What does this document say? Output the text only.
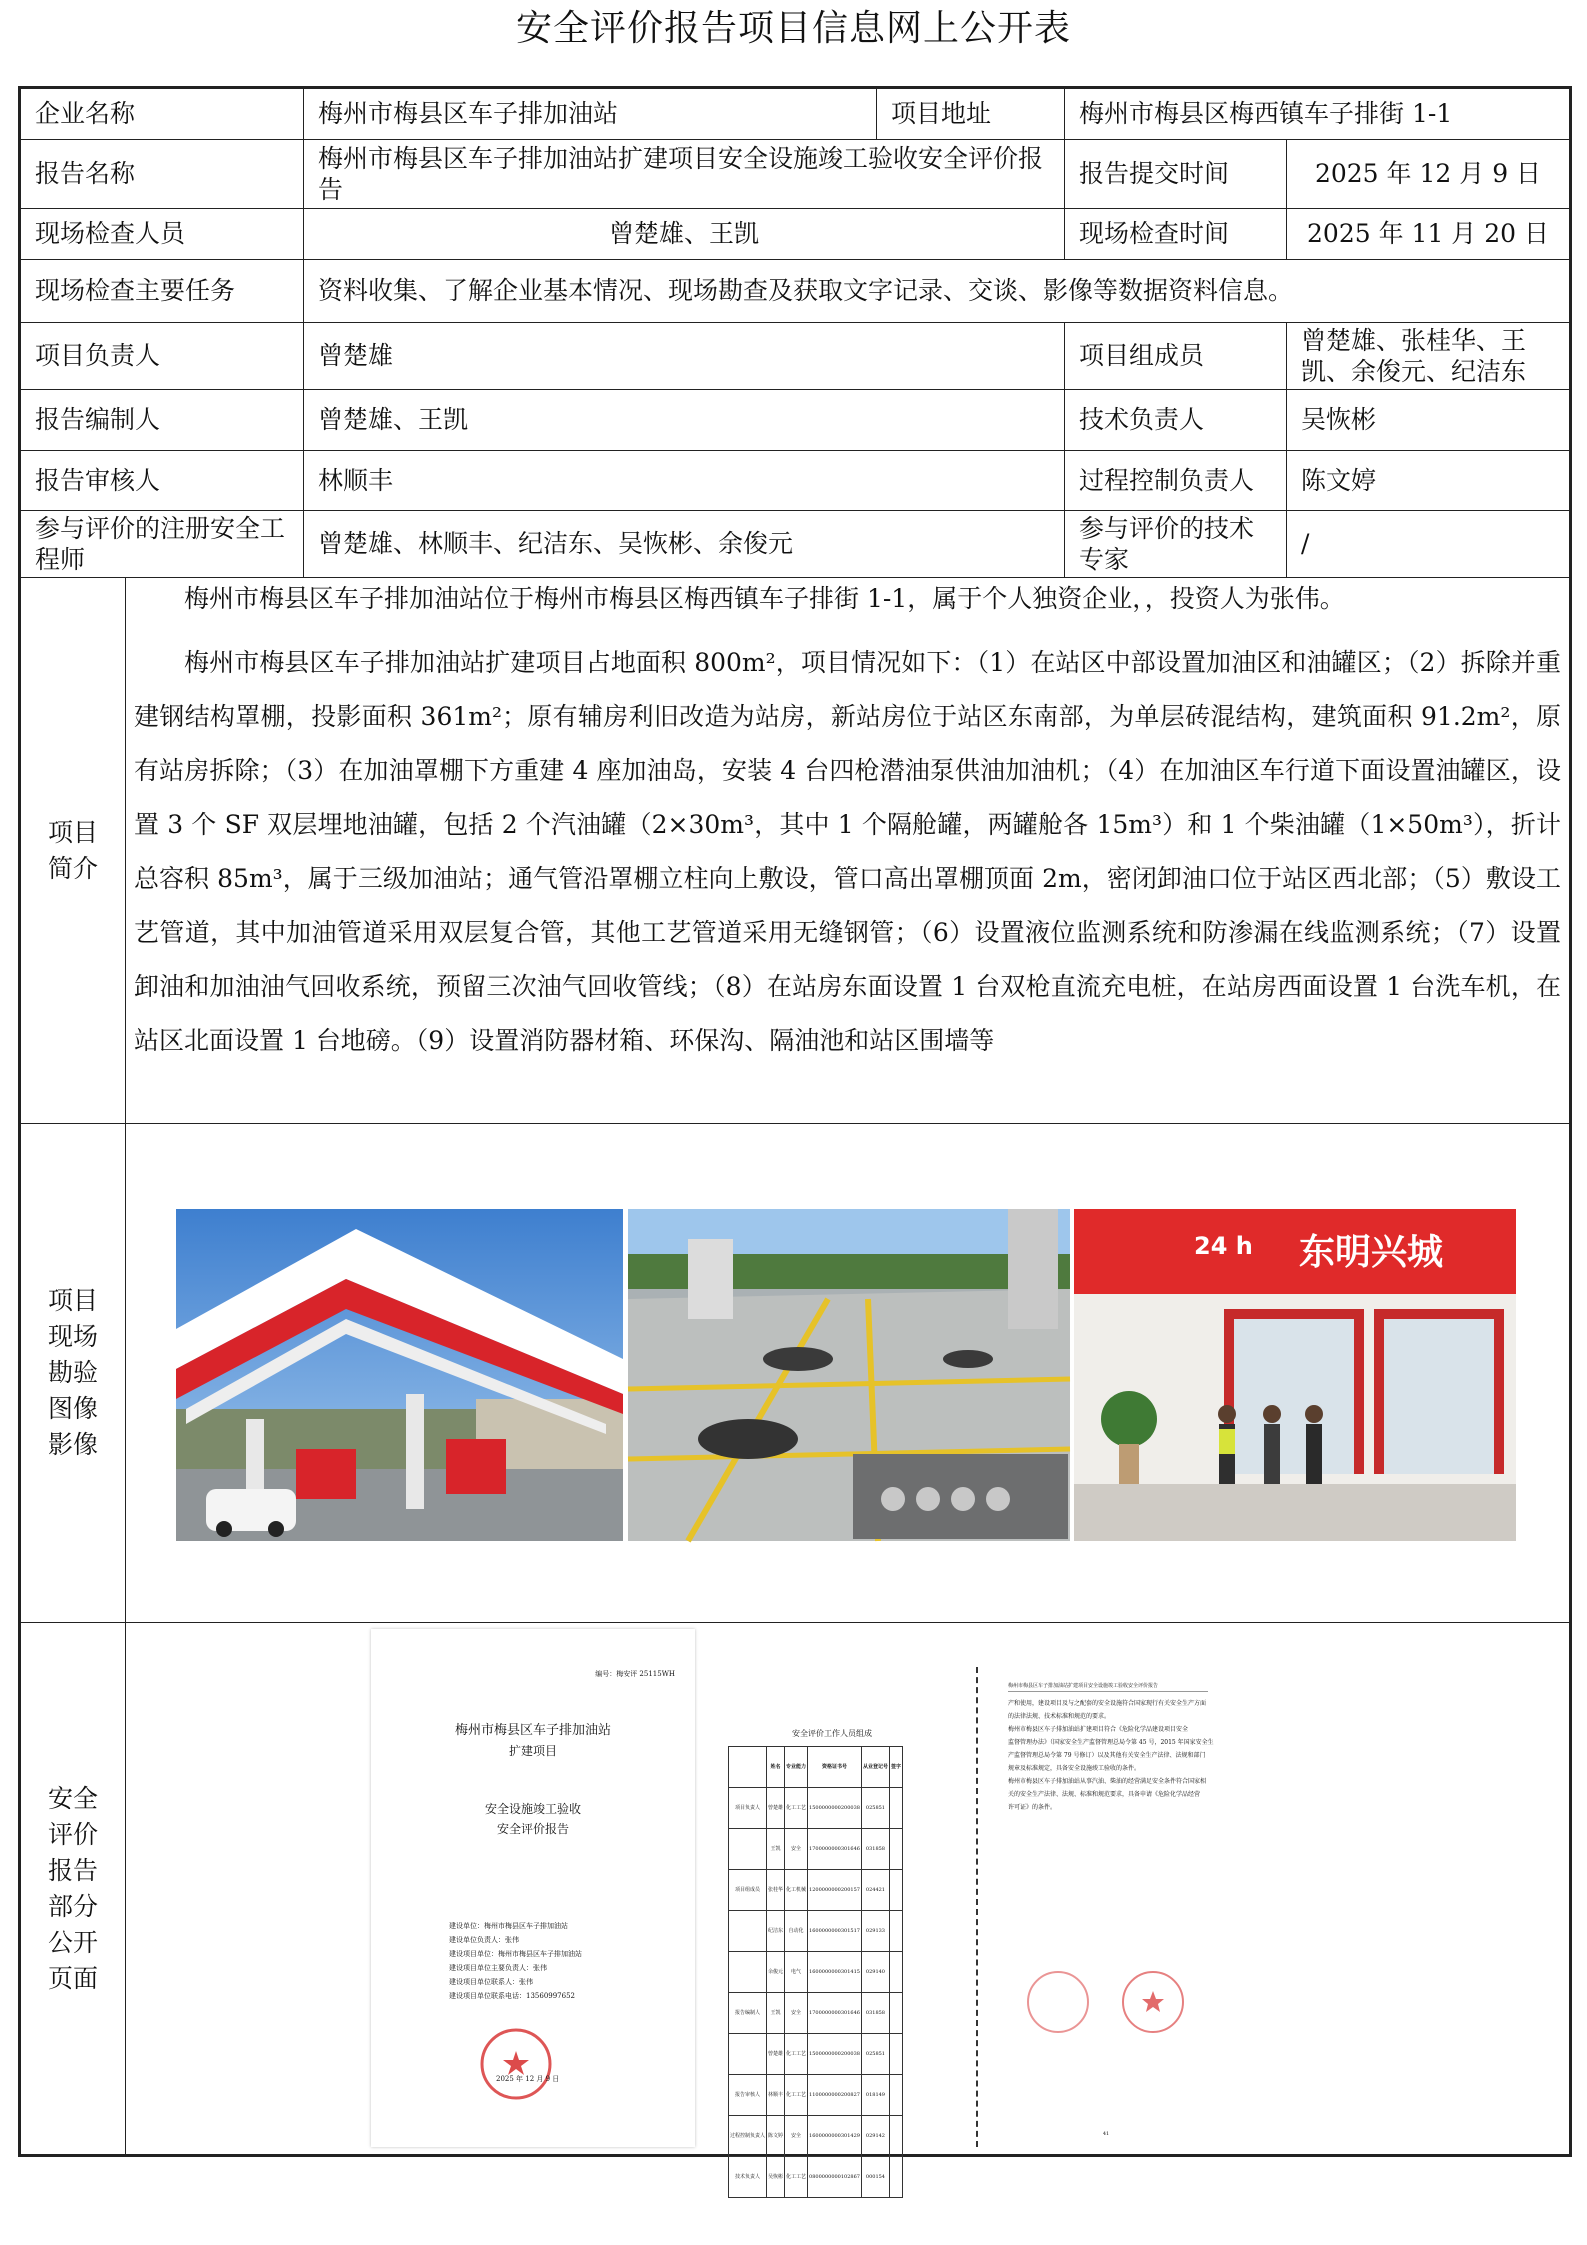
安全评价报告项目信息网上公开表
企业名称	梅州市梅县区车子排加油站	项目地址	梅州市梅县区梅西镇车子排街 1-1
报告名称	梅州市梅县区车子排加油站扩建项目安全设施竣工验收安全评价报告	报告提交时间	2025 年 12 月 9 日
现场检查人员	曾楚雄、王凯	现场检查时间	2025 年 11 月 20 日
现场检查主要任务	资料收集、了解企业基本情况、现场勘查及获取文字记录、交谈、影像等数据资料信息。
项目负责人	曾楚雄	项目组成员	曾楚雄、张桂华、王凯、余俊元、纪洁东
报告编制人	曾楚雄、王凯	技术负责人	吴恢彬
报告审核人	林顺丰	过程控制负责人	陈文婷
参与评价的注册安全工程师	曾楚雄、林顺丰、纪洁东、吴恢彬、余俊元	参与评价的技术专家	/
项目简介	

梅州市梅县区车子排加油站位于梅州市梅县区梅西镇车子排街 1-1，属于个人独资企业，，投资人为张伟。

梅州市梅县区车子排加油站扩建项目占地面积 800m²，项目情况如下：（1）在站区中部设置加油区和油罐区；（2）拆除并重建钢结构罩棚，投影面积 361m²；原有辅房利旧改造为站房，新站房位于站区东南部，为单层砖混结构，建筑面积 91.2m²，原有站房拆除；（3）在加油罩棚下方重建 4 座加油岛，安装 4 台四枪潜油泵供油加油机；（4）在加油区车行道下面设置油罐区，设置 3 个 SF 双层埋地油罐，包括 2 个汽油罐（2×30m³，其中 1 个隔舱罐，两罐舱各 15m³）和 1 个柴油罐（1×50m³），折计总容积 85m³，属于三级加油站；通气管沿罩棚立柱向上敷设，管口高出罩棚顶面 2m，密闭卸油口位于站区西北部；（5）敷设工艺管道，其中加油管道采用双层复合管，其他工艺管道采用无缝钢管；（6）设置液位监测系统和防渗漏在线监测系统；（7）设置卸油和加油油气回收系统，预留三次油气回收管线；（8）在站房东面设置 1 台双枪直流充电桩，在站房西面设置 1 台洗车机，在站区北面设置 1 台地磅。（9）设置消防器材箱、环保沟、隔油池和站区围墙等

项目现场勘验图像影像	
24 h 东明兴城

安全评价报告部分公开页面	
编号：梅安评 25115WH
梅州市梅县区车子排加油站
扩建项目
安全设施竣工验收
安全评价报告
建设单位：梅州市梅县区车子排加油站
建设单位负责人：张伟
建设项目单位：梅州市梅县区车子排加油站
建设项目单位主要负责人：张伟
建设项目单位联系人：张伟
建设项目单位联系电话：13560997652
2025 年 12 月 9 日
安全评价工作人员组成
	姓名	专业能力	资格证书号	从业登记号	签字
项目负责人	曾楚雄	化工工艺	1500000000200038	025851	
	王凯	安全	1700000000301646	031858	
项目组成员	张桂华	化工机械	1200000000200157	024421	
	纪洁东	自动化	1600000000301517	029133	
	余俊元	电气	1600000000301415	029140	
报告编制人	王凯	安全	1700000000301646	031858	
	曾楚雄	化工工艺	1500000000200038	025851	
报告审核人	林顺丰	化工工艺	1100000000200827	018149	
过程控制负责人	陈文婷	安全	1600000000301429	029142	
技术负责人	吴恢彬	化工工艺	0800000000102867	000154	
梅州市梅县区车子排加油站扩建项目安全设施竣工验收安全评价报告
产和使用，建设项目及与之配套的安全设施符合国家现行有关安全生产方面
的法律法规、技术标准和规范的要求。
梅州市梅县区车子排加油站扩建项目符合《危险化学品建设项目安全
监督管理办法》（国家安全生产监督管理总局令第 45 号，2015 年国家安全生
产监督管理总局令第 79 号修订）以及其他有关安全生产法律、法规和部门
规章及标准规定，具备安全设施竣工验收的条件。
梅州市梅县区车子排加油站从事汽油、柴油的经营满足安全条件符合国家相
关的安全生产法律、法规、标准和规范要求，具备申请《危险化学品经营
许可证》的条件。
41
